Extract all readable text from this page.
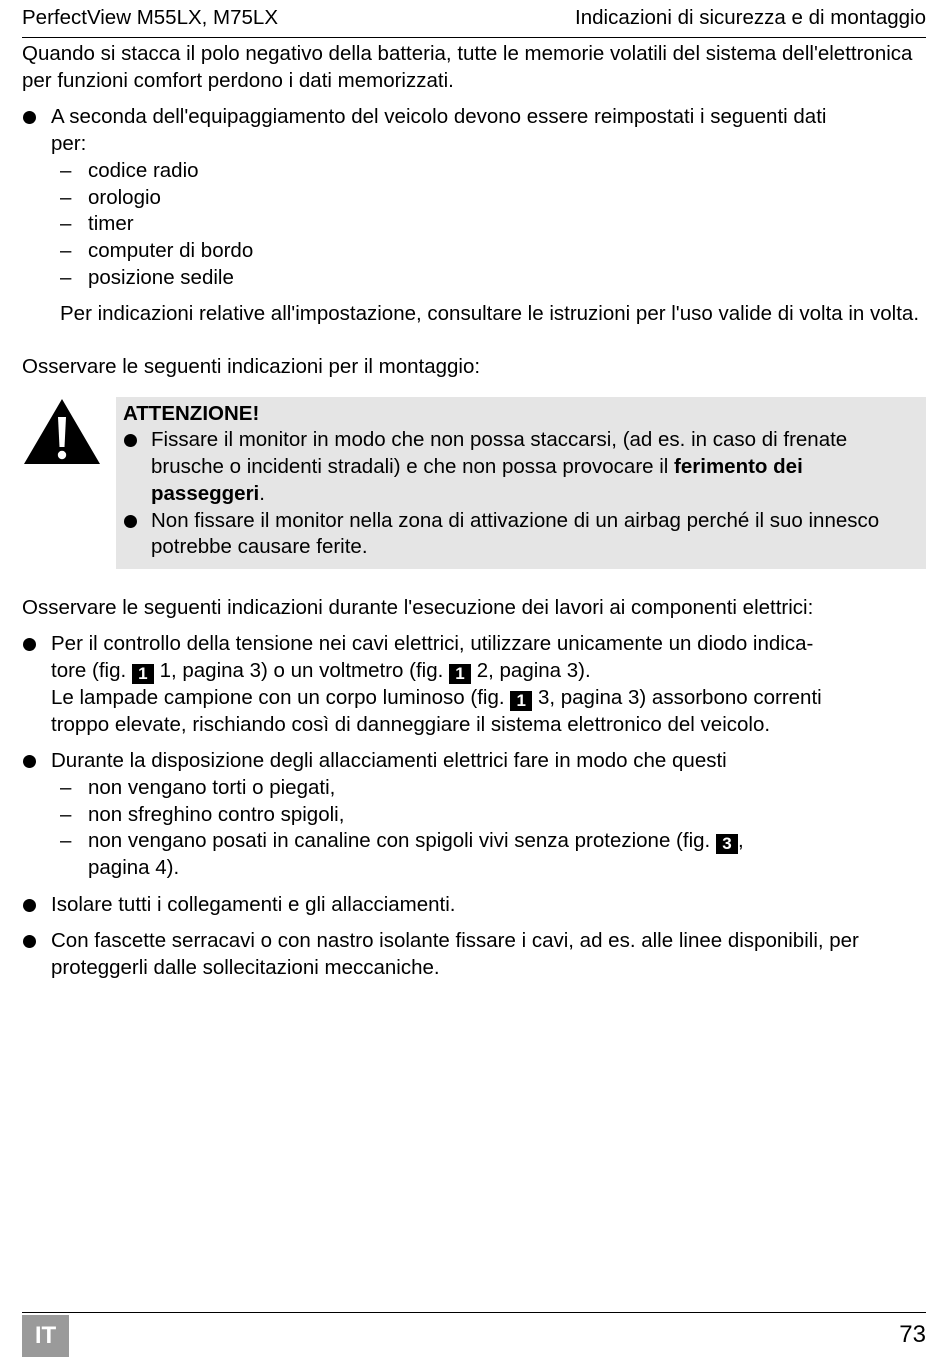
PerfectView M55LX, M75LX	Indicazioni di sicurezza e di montaggio

Quando si stacca il polo negativo della batteria, tutte le memorie volatili del sistema dell'elettronica per funzioni comfort perdono i dati memorizzati.

A seconda dell'equipaggiamento del veicolo devono essere reimpostati i seguenti dati
per:
– codice radio
– orologio
– timer
– computer di bordo
– posizione sedile

Per indicazioni relative all'impostazione, consultare le istruzioni per l'uso valide di volta in volta.

Osservare le seguenti indicazioni per il montaggio:

ATTENZIONE!
Fissare il monitor in modo che non possa staccarsi, (ad es. in caso di frenate brusche o incidenti stradali) e che non possa provocare il ferimento dei passeggeri.
Non fissare il monitor nella zona di attivazione di un airbag perché il suo innesco potrebbe causare ferite.

Osservare le seguenti indicazioni durante l'esecuzione dei lavori ai componenti elettrici:

Per il controllo della tensione nei cavi elettrici, utilizzare unicamente un diodo indica-
tore (fig. 1 1, pagina 3) o un voltmetro (fig. 1 2, pagina 3).
Le lampade campione con un corpo luminoso (fig. 1 3, pagina 3) assorbono correnti
troppo elevate, rischiando così di danneggiare il sistema elettronico del veicolo.
Durante la disposizione degli allacciamenti elettrici fare in modo che questi
– non vengano torti o piegati,
– non sfreghino contro spigoli,
– non vengano posati in canaline con spigoli vivi senza protezione (fig. 3 ,
pagina 4).
Isolare tutti i collegamenti e gli allacciamenti.
Con fascette serracavi o con nastro isolante fissare i cavi, ad es. alle linee disponibili, per proteggerli dalle sollecitazioni meccaniche.
IT	73
